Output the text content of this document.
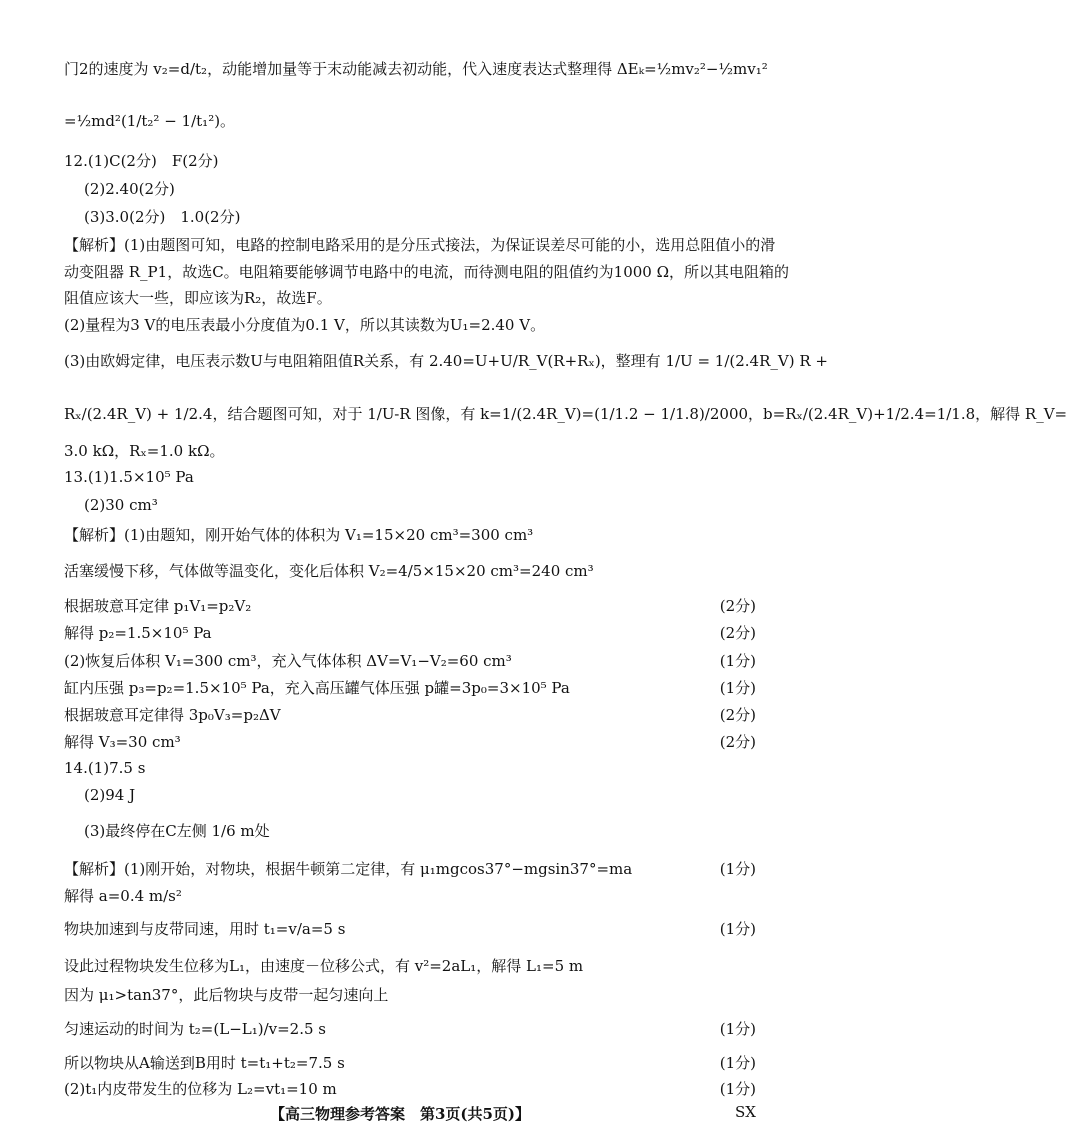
门2的速度为 v₂=d/t₂，动能增加量等于末动能减去初动能，代入速度表达式整理得 ΔEₖ=½mv₂²−½mv₁²
=½md²(1/t₂² − 1/t₁²)。
12.(1)C(2分)　F(2分)
(2)2.40(2分)
(3)3.0(2分)　1.0(2分)
【解析】(1)由题图可知，电路的控制电路采用的是分压式接法，为保证误差尽可能的小，选用总阻值小的滑
动变阻器 R_P1，故选C。电阻箱要能够调节电路中的电流，而待测电阻的阻值约为1000 Ω，所以其电阻箱的
阻值应该大一些，即应该为R₂，故选F。
(2)量程为3 V的电压表最小分度值为0.1 V，所以其读数为U₁=2.40 V。
(3)由欧姆定律，电压表示数U与电阻箱阻值R关系，有 2.40=U+U/R_V(R+Rₓ)，整理有 1/U = 1/(2.4R_V) R +
Rₓ/(2.4R_V) + 1/2.4，结合题图可知，对于 1/U-R 图像，有 k=1/(2.4R_V)=(1/1.2 − 1/1.8)/2000，b=Rₓ/(2.4R_V)+1/2.4=1/1.8，解得 R_V=
3.0 kΩ，Rₓ=1.0 kΩ。
13.(1)1.5×10⁵ Pa
(2)30 cm³
【解析】(1)由题知，刚开始气体的体积为 V₁=15×20 cm³=300 cm³
活塞缓慢下移，气体做等温变化，变化后体积 V₂=4/5×15×20 cm³=240 cm³
根据玻意耳定律 p₁V₁=p₂V₂	(2分)
解得 p₂=1.5×10⁵ Pa	(2分)
(2)恢复后体积 V₁=300 cm³，充入气体体积 ΔV=V₁−V₂=60 cm³	(1分)
缸内压强 p₃=p₂=1.5×10⁵ Pa，充入高压罐气体压强 p罐=3p₀=3×10⁵ Pa	(1分)
根据玻意耳定律得 3p₀V₃=p₂ΔV	(2分)
解得 V₃=30 cm³	(2分)
14.(1)7.5 s
(2)94 J
(3)最终停在C左侧 1/6 m处
【解析】(1)刚开始，对物块，根据牛顿第二定律，有 μ₁mgcos37°−mgsin37°=ma	(1分)
解得 a=0.4 m/s²
物块加速到与皮带同速，用时 t₁=v/a=5 s	(1分)
设此过程物块发生位移为L₁，由速度－位移公式，有 v²=2aL₁，解得 L₁=5 m
因为 μ₁>tan37°，此后物块与皮带一起匀速向上
匀速运动的时间为 t₂=(L−L₁)/v=2.5 s	(1分)
所以物块从A输送到B用时 t=t₁+t₂=7.5 s	(1分)
(2)t₁内皮带发生的位移为 L₂=vt₁=10 m	(1分)
【高三物理参考答案　第3页(共5页)】	SX
